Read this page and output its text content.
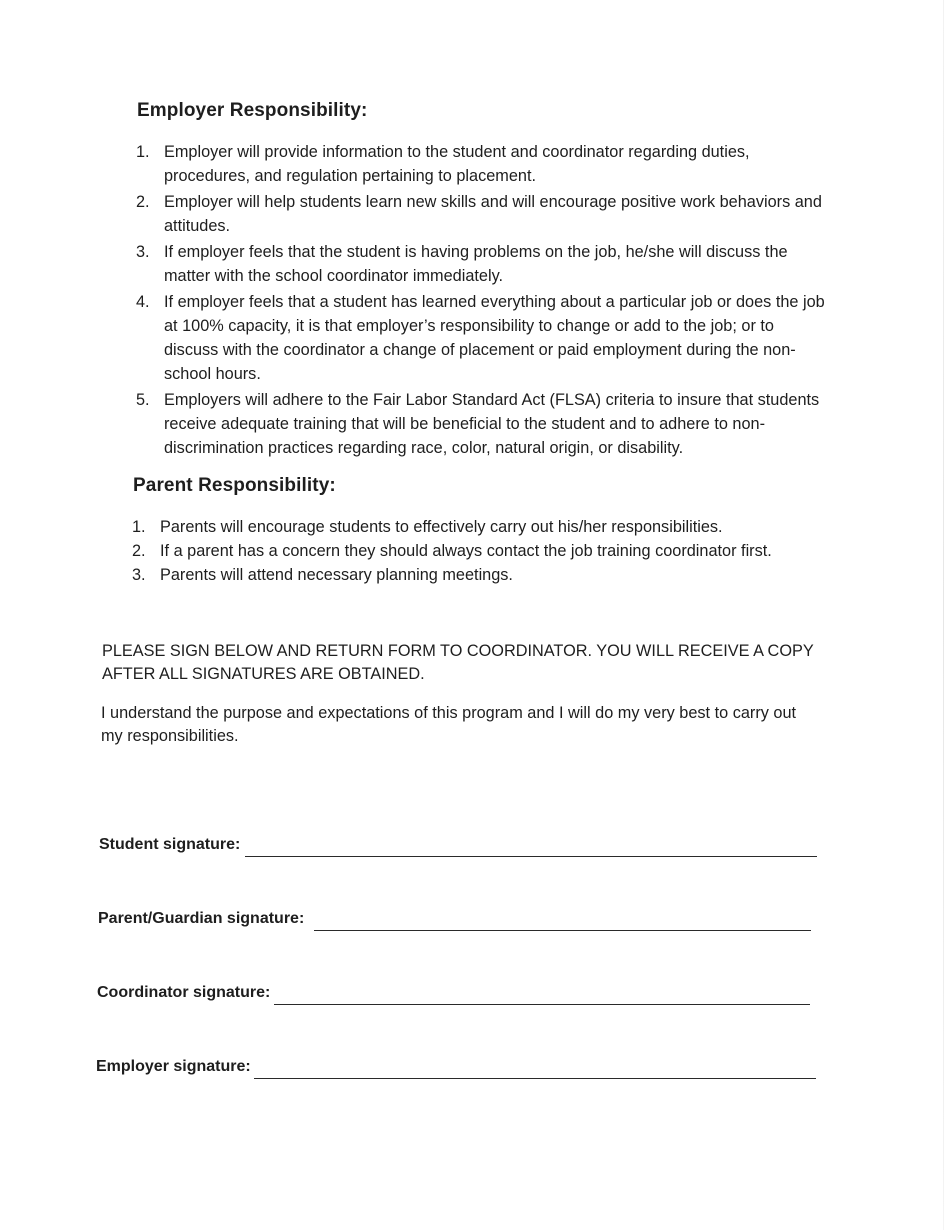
Employer Responsibility:
1. Employer will provide information to the student and coordinator regarding duties, procedures, and regulation pertaining to placement.
2. Employer will help students learn new skills and will encourage positive work behaviors and attitudes.
3. If employer feels that the student is having problems on the job, he/she will discuss the matter with the school coordinator immediately.
4. If employer feels that a student has learned everything about a particular job or does the job at 100% capacity, it is that employer’s responsibility to change or add to the job; or to discuss with the coordinator a change of placement or paid employment during the non-school hours.
5. Employers will adhere to the Fair Labor Standard Act (FLSA) criteria to insure that students receive adequate training that will be beneficial to the student and to adhere to non-discrimination practices regarding race, color, natural origin, or disability.
Parent Responsibility:
1. Parents will encourage students to effectively carry out his/her responsibilities.
2. If a parent has a concern they should always contact the job training coordinator first.
3. Parents will attend necessary planning meetings.
PLEASE SIGN BELOW AND RETURN FORM TO COORDINATOR. YOU WILL RECEIVE A COPY AFTER ALL SIGNATURES ARE OBTAINED.
I understand the purpose and expectations of this program and I will do my very best to carry out my responsibilities.
Student signature:
Parent/Guardian signature:
Coordinator signature:
Employer signature:
